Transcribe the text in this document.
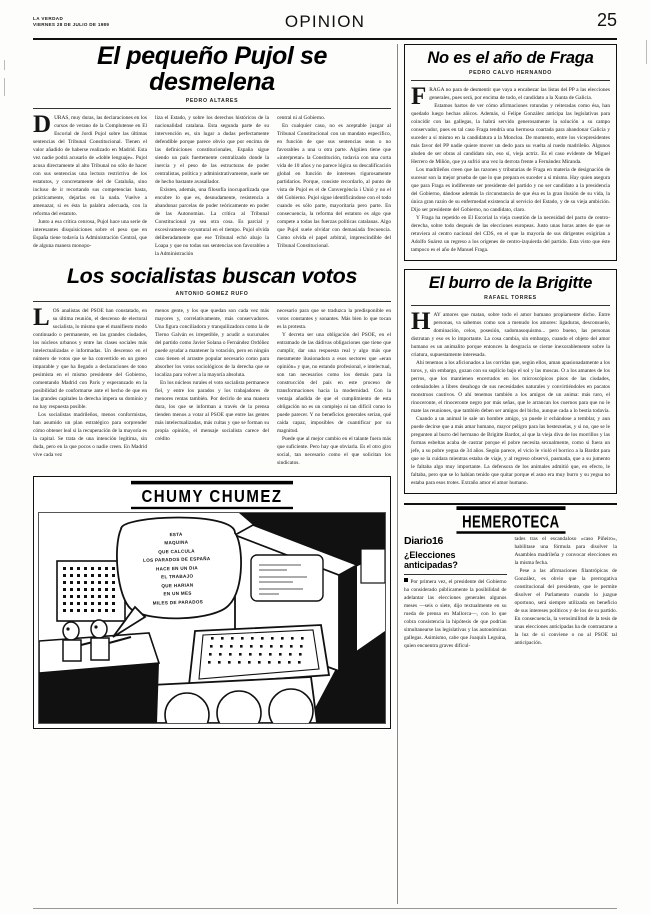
LA VERDAD
VIERNES 28 DE JULIO DE 1989	OPINION	25
El pequeño Pujol se desmelena
PEDRO ALTARES

DURAS, muy duras, las declaraciones en los cursos de verano de la Complutense en El Escorial de Jordi Pujol sobre las últimas sentencias del Tribunal Constitucional. Tienen el valor añadido de haberse realizado en Madrid. Esta vez nadie podrá acusarlo de «doble lenguaje». Pujol acusa directamente al alto Tribunal no sólo de hacer con sus sentencias una lectura restrictiva de los estatutos, y concretamente del de Cataluña, sino incluso de ir recortando sus competencias hasta, prácticamente, dejarlas en la nada. Vuelve a amenazar, si es ésta la palabra adecuada, con la reforma del estatuto.

Junto a esa crítica cenrosa, Pujol hace una serie de interesantes disquisiciones sobre el peso que en España tiene todavía la Administración Central, que de alguna manera monopo-

liza el Estado, y sobre los derechos históricos de la nacionalidad catalana. Esta segunda parte de su intervención es, sin lugar a dudas perfectamente defendible porque parece obvio que por encima de las definiciones constitucionales, España sigue siendo un país fuertemente centralizado donde la inercia y el peso de las estructuras de poder centralistas, política y administrativamente, suele ser de hecho bastante avasallador.

Existen, además, una filosofía inocuparlizada que encubre lo que es, desnudamente, resistencia a abandonar parcelas de poder teóricamente en poder de las Autonomías. La crítica al Tribunal Constitucional ya sea otra cosa. Es parcial y excesivamente coyuntural en el tiempo. Pujol olvida deliberadamente que ese Tribunal echó abajo la Loapa y que no todas sus sentencias son favorables a la Administración

central ni al Gobierno.

En cualquier caso, no es aceptable juzgar al Tribunal Constitucional con un mandato específico, en función de que sus sentencias sean o no favorables a una u otra parte. Algúien tiene que «interpretar» la Constitución, todavía con una corta vida de 10 años y no parece lógica su descalificación global en función de intereses rigurosamente partidarios. Porque, consiste recordarlo, al punto de vista de Pujol es el de Convergència i Unió y no el del Gobierno. Pujol sigue identificándose con el todo cuando es sólo parte, mayoritaria pero parte. En consecuencia, la reforma del estatuto es algo que compete a todas las fuerzas políticas catalanas. Algo que Pujol suele olvidar con demasiada frecuencia. Como olvida el papel arbitral, imprescindible del Tribunal Constitucional.

Los socialistas buscan votos
ANTONIO GOMEZ RUFO

LOS analistas del PSOE han constatado, en su última reunión, el descenso de electoral socialista, lo mismo que el manifiesto modo continuado o permanente, en las grandes ciudades, los núcleos urbanos y entre las clases sociales más intelectualizadas e informadas. Un descenso en el número de votos que se ha convertido en un goteo imparable y que ha llegado a declaraciones de tono pesimista en el mismo presidente del Gobierno, comentando Madrid con París y esperanzado en la posibilidad de conformarse ante el hecho de que en las grandes capitales la derecha impera su dominio y no hay respuesta posible.

Los socialistas madrileños, menos conformistas, han asumido un plan estratégico para sorprender cómo obtener leal si la recuperación de la mayoría es la capital. Se trata de una intención legítima, sin duda, pero en la que pocos o nadie creen. En Madrid vive cada vez

menos gente, y los que quedan son cada vez más mayores y, correlativamente, más conservadores. Una figura conciliadora y tranquilizadora como la de Tierno Galván es irrepetible, y acudir a sucursales del partido como Javier Solana o Fernández Ordóñez puede ayudar a mantener la votación, pero en ningún caso tienen el arrastre popular necesario como para absorber los votos sociológicos de la derecha que se localiza para volver a la mayoría absoluta.

En los núcleos rurales el voto socialista permanece fiel, y entre los parados y los trabajadores de menores rentas también. Por decirlo de una manera dura, los que se informan a través de la prensa tienden menos a votar al PSOE que entre las gentes más intelectualizadas, más cultas y que se forman su propia opinión, el mensaje socialista carece del crédito

necesario para que se traduzca la predisponible en votos constantes y sonantes. Más bien lo que tocan es la protesta.

Y decreta ser una obligación del PSOE, en el entramado de las dádivas obligaciones que tiene que cumplir, dar una respuesta real y algo más que meramente ilusionadora a esos sectores que «eran opinión» y que, no estando profesional, e intelectual, son tan necesarios como los demás para la construcción del país en este proceso de transformaciones hacia la modernidad. Con la ventaja añadida de que el cumplimiento de esta obligación no es un complejo ni tan difícil como lo puede parecer. Y no beneficios generales serían, qué caída capaz, imposibles de cuantificar por su magnitud.

Puede que al mejor cambio en el talante fuera más que suficiente. Pero hay que obviarla. Es el otro giro social, tan necesario como el que solicitan los sindicatos.

CHUMY CHUMEZ
ESTA
MAQUINA
QUE CALCULA
LOS PARADOS DE ESPAÑA
HACE EN UN DIA
EL TRABAJO
QUE HARIAN
EN UN MES
MILES DE PARADOS
No es el año de Fraga
PEDRO CALVO HERNANDO

FRAGA no para de desmentir que vaya a encabezar las listas del PP a las elecciones generales, pues será, por encima de todo, el candidato a la Xunta de Galicia.

Estamos hartos de ver cómo afirmaciones rotundas y reiteradas como ésa, han quedado luego hechas añicos. Además, si Felipe González anticipa las legislativas para coincidir con las gallegas, la habrá servido generosamente la solución a su campo conservador, pues en tal caso Fraga tendría una hermosa coartada para abandonar Galicia y suceder a sí mismo en la candidatura a la Moncloa. De momento, entre los vicepresidentes más favor del PP nadie quiere mover un dedo para su vuelta al ruedo madrileño. Algunos aluden de ser obras al candidato sin, eso sí, vieja actriz. Es el caso evidente de Miguel Herrero de Miñón, que ya sufrió una vez la derrota frente a Fernández Miranda.

Los madrileños creen que las razones y tributarias de Fraga en materia de designación de sucesor son la mejor prueba de que lo que prepara es suceder a sí mismo. Hay quien asegura que para Fraga es indiferente ser presidente del partido y no ser candidato a la presidencia del Gobierno, dándose además la circunstancia de que ésa es la gran ilusión de su vida, la única gran razón de su enfermedad existencia al servicio del Estado, y de su vieja ambición. Dijo ser presidente del Gobierno, no candidato, claro.

Y Fraga ha repetido en El Escorial la vieja cuestión de la necesidad del pacto de centro-derecha, sobre todo después de las elecciones europeas. Justo unas horas antes de que se retuviera al centro nacional del CDS, en el que la mayoría de sus dirigentes exigirían a Adolfo Suárez un regreso a los orígenes de centro-izquierda del partido. Esta visto que éste tampoco es el año de Manuel Fraga.

El burro de la Brigitte
RAFAEL TORRES

HAY amores que matan, sobre todo el amor humano propiamente dicho. Entre personas, va sabemos como son a menudo los amores: ligaduras, desconsuelo, dominación, celos, posesión, sadomasoquismo... pero bueno, las personas distrutan y eso es lo importante. La cosa cambia, sin embargo, cuando el objeto del amor humano es un animalito porque entonces la desgracia se cierne inexorablemente sobre la criatura, supuestamente interesada.

Ahí tenemos a los aficionados a las corridas que, según ellos, aman apasionadamente a los toros, y, sin embargo, gozan con su suplicio bajo el sol y las moscas. O a los amantes de los perros, que los mantienen encerrados en los microscópicos pisos de las ciudades, ordenándoles a libres desahogo de sus necesidades naturales y convirtiéndoles en pacatos monstruos cautivos. O ahí tenemos también a los amigos de un anima: más raro, el rinoceronte, el rinoceronte negro por más señas, que le arrancan los cuernos para que no le mate las reuniones, que también deben ser amigos del bicho, aunque cada a lo bestia todavía.

Cuando a un animal le sale un hombre amigo, ya puede ir echándose a temblar, y aun puede decirse que a más amar humano, mayor peligro para las bestezuelas, y si no, que se le pregunten al burro del hermano de Brigitte Bardot, al que la vieja diva de los morrillos y las formas esbeltas acaba de castrar porque el pobre necesita sexualmente, como si fuera un jefe, a su pobre yegua de 34 años. Según parece, el vicio le violó el borrico a la Bardot para que se la cuidara mientras estaba de viaje, y al regreso observó, pasmada, que a su jumento le faltaba algo muy importante. La defensora de los animales admitió que, en efecto, le faltaba, pero que se lo habían tenido que quitar porque el asno era muy burro y su yegua no estaba para esos trotes. Extraño amor el amor humano.

HEMEROTECA
Diario16
¿Elecciones anticipadas?

Por primera vez, el presidente del Gobierno ha considerado públicamente la posibilidad de adelantar las elecciones generales algunos meses —seis o siete, dijo textualmente en su rueda de prensa en Mallorca—, con lo que cobra consistencia la hipótesis de que podrían simultanearse las legislativas y las autonómicas gallegas. Asimismo, cabe que Joaquín Leguina, quien encuentra graves dificul-

tades tras el escandaloso «caso Piñeiro», habilitase una fórmula para disolver la Asamblea madrileña y convocar elecciones en la misma fecha.

Pese a las afirmaciones filantrópicas de González, es obvio que la prerrogativa constitucional del presidente, que le permite disolver el Parlamento cuando lo juzgue oportuno, será siempre utilizada en beneficio de sus intereses políticos y de los de su partido. En consecuencia, la verosimilitud de la tesis de unas elecciones anticipadas ha de contrastarse a la luz de si conviene o no al PSOE tal anticipación.
